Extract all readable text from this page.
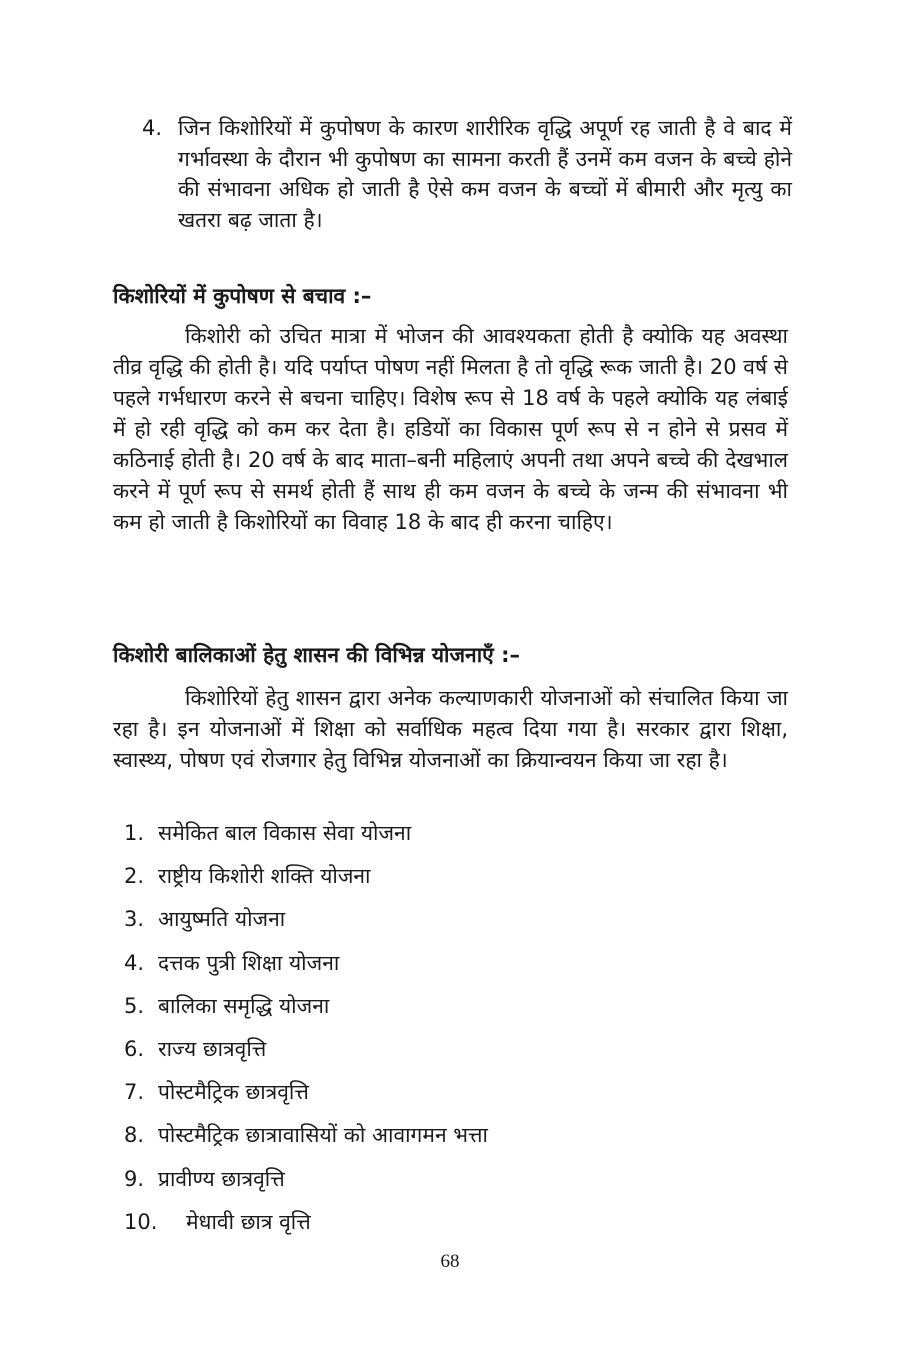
4. जिन किशोरियों में कुपोषण के कारण शारीरिक वृद्धि अपूर्ण रह जाती है वे बाद में गर्भावस्था के दौरान भी कुपोषण का सामना करती हैं उनमें कम वजन के बच्चे होने की संभावना अधिक हो जाती है ऐसे कम वजन के बच्चों में बीमारी और मृत्यु का खतरा बढ़ जाता है।
किशोरियों में कुपोषण से बचाव :–

किशोरी को उचित मात्रा में भोजन की आवश्यकता होती है क्योकि यह अवस्था तीव्र वृद्धि की होती है। यदि पर्याप्त पोषण नहीं मिलता है तो वृद्धि रूक जाती है। 20 वर्ष से पहले गर्भधारण करने से बचना चाहिए। विशेष रूप से 18 वर्ष के पहले क्योकि यह लंबाई में हो रही वृद्धि को कम कर देता है। हडियों का विकास पूर्ण रूप से न होने से प्रसव में कठिनाई होती है। 20 वर्ष के बाद माता–बनी महिलाएं अपनी तथा अपने बच्चे की देखभाल करने में पूर्ण रूप से समर्थ होती हैं साथ ही कम वजन के बच्चे के जन्म की संभावना भी कम हो जाती है किशोरियों का विवाह 18 के बाद ही करना चाहिए।

किशोरी बालिकाओं हेतु शासन की विभिन्न योजनाएँ :–

किशोरियों हेतु शासन द्वारा अनेक कल्याणकारी योजनाओं को संचालित किया जा रहा है। इन योजनाओं में शिक्षा को सर्वाधिक महत्व दिया गया है। सरकार द्वारा शिक्षा, स्वास्थ्य, पोषण एवं रोजगार हेतु विभिन्न योजनाओं का क्रियान्वयन किया जा रहा है।

1. समेकित बाल विकास सेवा योजना
2. राष्ट्रीय किशोरी शक्ति योजना
3. आयुष्मति योजना
4. दत्तक पुत्री शिक्षा योजना
5. बालिका समृद्धि योजना
6. राज्य छात्रवृत्ति
7. पोस्टमैट्रिक छात्रवृत्ति
8. पोस्टमैट्रिक छात्रावासियों को आवागमन भत्ता
9. प्रावीण्य छात्रवृत्ति
10. मेधावी छात्र वृत्ति
68
